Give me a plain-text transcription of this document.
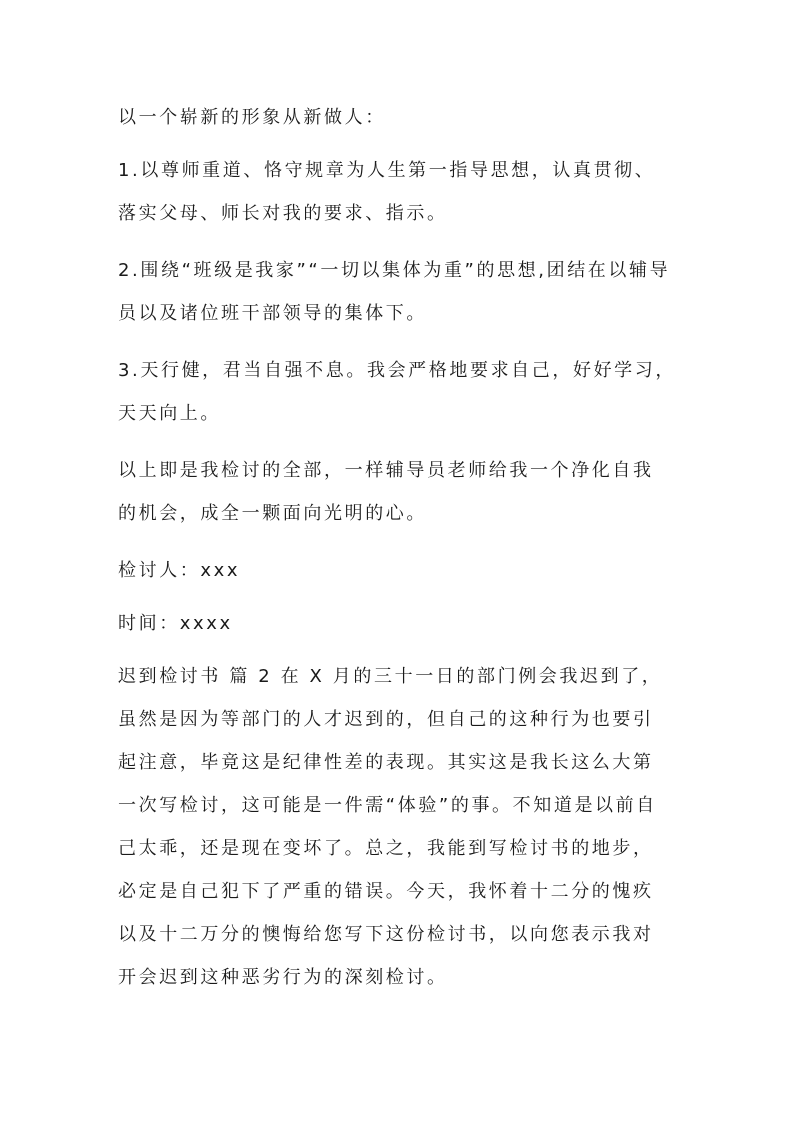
以一个崭新的形象从新做人：

1.以尊师重道、恪守规章为人生第一指导思想，认真贯彻、
落实父母、师长对我的要求、指示。

2.围绕“班级是我家”“一切以集体为重”的思想,团结在以辅导
员以及诸位班干部领导的集体下。

3.天行健，君当自强不息。我会严格地要求自己，好好学习，
天天向上。

以上即是我检讨的全部，一样辅导员老师给我一个净化自我
的机会，成全一颗面向光明的心。

检讨人：xxx

时间：xxxx

迟到检讨书 篇 2 在 X 月的三十一日的部门例会我迟到了，
虽然是因为等部门的人才迟到的，但自己的这种行为也要引
起注意，毕竟这是纪律性差的表现。其实这是我长这么大第
一次写检讨，这可能是一件需“体验”的事。不知道是以前自
己太乖，还是现在变坏了。总之，我能到写检讨书的地步，
必定是自己犯下了严重的错误。今天，我怀着十二分的愧疚
以及十二万分的懊悔给您写下这份检讨书，以向您表示我对
开会迟到这种恶劣行为的深刻检讨。
